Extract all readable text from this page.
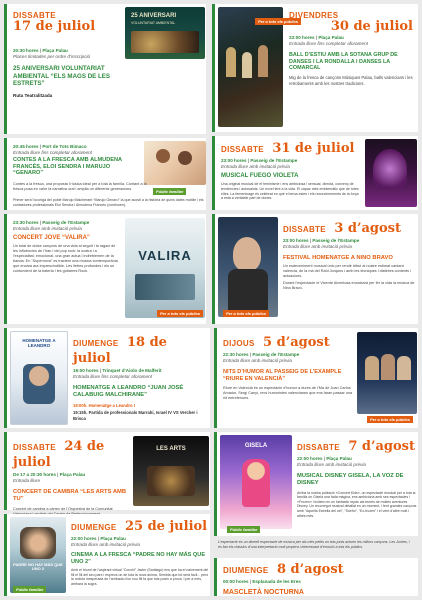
DISSABTE
17 de juliol
25 ANIVERSARI
VOLUNTARIAT AMBIENTAL
20:30 hores | Plaça Palau
Places limitades per ordre d’inscripció
25 ANIVERSARI VOLUNTARIAT AMBIENTAL “ELS MAGS DE LES ESTRETS”
Ruta Teatralitzada
Per a tots els públics
DIVENDRES
30 de juliol
23:00 hores | Plaça Palau
Entrada lliure fins completar aforament
BALL D’ESTIU AMB LA SOTANA GRUP DE DANSES I LA RONDALLA I DANSES LA COMARCAL
Mig de la fresca de cançons Músiques Palau, balls valencians i les retrobaments amb les nostres tradicions.
20:45 hores | Port de Tots Bimaco
Entrada lliure fins completar aforament
CONTES A LA FRESCA AMB ALMUDENA FRANCÉS, ELOI SENDRA I MARUJO “GENARO”
Públic familiar
Contes a la fresca, una proposta il·lúsica ideal per a tota la família. Contant a la fresca posa en valor la narrativa oral i amplia un diferents generacions.
Primer serà l’ocoriga del poble Marujo Malcherant “Marujo Genaro” la que acosti a la història de quins dates mobile i els contastures professionals Eloi Sendra i Almudena Francès (continuen).
DISSABTE 31 de juliol
23:00 hores | Passeig de l’Estampe
Entrada lliure amb invitació prèvia
MUSICAL FUEGO VIOLETA
Una original musical de el feminisme i ens ambiciosa i sensual, directa, convenç de tendències i autosaluts. Un excel·lent a la vida. El capaz més emblemàtic que de totes elles. La femeninage és celebrat en què el tema estes i els reconeixements de la força a esta a veritable part de dones.
23:30 hores | Passeig de l’Estampe
Entrada lliure amb invitació prèvia
CONCERT JOVE “VALIRA”
Un total de dotze cançons de una vida al seguit i la ragaci de les influències de l’Iran i del pop rock: la nostra i a l’especialitat, emocional, una gran actua i indreblemen de la banda. En “Supernova” es tractem una música contemporània que encara ara imprescindible. Les lletres profundes i els so contundent de la bateria i les guitarres Rock.
VALIRA
Per a tots els públics	Per a tots els públics
DISSABTE 3 d’agost
23:00 hores | Passeig de l’Estampe
Entrada lliure amb invitació prèvia
FESTIVAL HOMENATGE A NINO BRAVO
Un esdeveniment musical únic per rendir tribut al nostre estimat cantant valencià, de la mà del Raül Jorques i amb les tècniques i distintes contents i actuacions.
Durant l’espectacle el Vicente Alventosa encaixarà per fer la vida la música de Nino Bravo.
HOMENATGE A LEANDRO	DIUMENGE 18 de juliol
19:00 hores | Trinquet d’Aiolo de Malferit
Entrada lliure fins completar aforament
HOMENATGE A LEANDRO “JUAN JOSÉ CALABUIG MALCHIRANE”
19:00h. Homenatge a Leandro I
19:15h. Partida de professionals Marrahi, Israel IV VS Vercher i Brisca
DIJOUS 5 d’agost
22:30 hores | Passeig de l’Estampe
Entrada lliure amb invitació prèvia
NITS D’HUMOR AL PASSEIG DE L’EXAMPLE “RIURE EN VALENCIÀ”
Riure en Valencià és un espectacle d’humor a dures de l’Ma de Juan Carlos Amador, Sergi Canyí, recs humoristes valencianes que ens faran passar una nit entretenues.
Per a tots els públics
DISSABTE 24 de juliol
De 17 a 20:30 hores | Plaça Palau
Entrada lliure
CONCERT DE CAMBRA “LES ARTS AMB TU”
Concert de cambra a càrrec de l’Orquestra de la Comunitat
LES ARTS	GISELA
Públic familiar
DISSABTE 7 d’agost
22:00 hores | Plaça Palau
Entrada lliure amb invitació prèvia
MUSICAL DISNEY GISELA, LA VOZ DE DISNEY
Arriba la nostra població «Concert Kids», un espectacle musical per a tota la família on Gisela una fada màgica, ens ambiciona amb ses espectacles i «Frozen» i trobem en un fantàstic repàs als temes de moltes aventures Disney. Un recorregut musical detallat en un moment, i fent grandes cançons amb “Aquella Estrella del cel”, “Sueño”, “Ex-frozen” i el vent d’altre molt i altres més.
PADRE NO HAY MÁS QUE UNO 2
Públic familiar
DIUMENGE 25 de juliol
22:00 hores | Plaça Palau
Entrada lliure amb invitació prèvia
CINEMA A LA FRESCA “PADRE NO HAY MÁS QUE UNO 2”
Amb el triomf de l’aspirant virtual “Conchi” Javier (Santiago) ens que ha el naixement del fill el fill del seu pare i esprecs un de tota la nova ànima. Sembla que tot serà fàcil... però la notícia inesperada de l’arribada d’un nou fill fa que tots posin a prova. I per a més, arribarà la sogra.
L’espectacle és un divertit espectacle de música per als més petits on tots junts actuen les millors cançons. Les Juntes, i es fan els clàssics d’una interpretació molt propera i interessant d’emoció a tots els públics.
DIUMENGE 8 d’agost
00:00 hores | Esplanada de les Eres
MASCLETÀ NOCTURNA
